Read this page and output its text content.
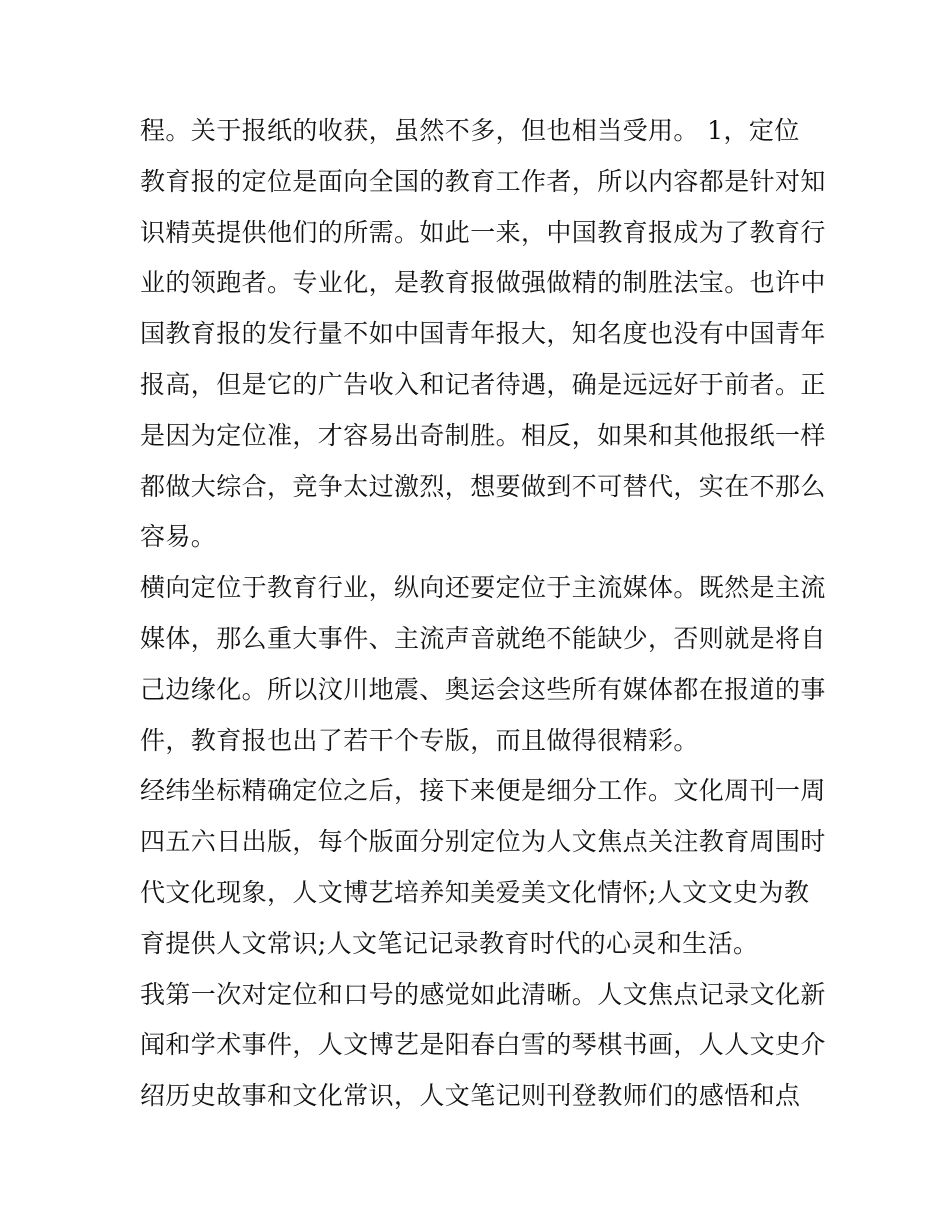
程。关于报纸的收获，虽然不多，但也相当受用。 1，定位
教育报的定位是面向全国的教育工作者，所以内容都是针对知
识精英提供他们的所需。如此一来，中国教育报成为了教育行
业的领跑者。专业化，是教育报做强做精的制胜法宝。也许中
国教育报的发行量不如中国青年报大，知名度也没有中国青年
报高，但是它的广告收入和记者待遇，确是远远好于前者。正
是因为定位准，才容易出奇制胜。相反，如果和其他报纸一样
都做大综合，竞争太过激烈，想要做到不可替代，实在不那么
容易。
横向定位于教育行业，纵向还要定位于主流媒体。既然是主流
媒体，那么重大事件、主流声音就绝不能缺少，否则就是将自
己边缘化。所以汶川地震、奥运会这些所有媒体都在报道的事
件，教育报也出了若干个专版，而且做得很精彩。
经纬坐标精确定位之后，接下来便是细分工作。文化周刊一周
四五六日出版，每个版面分别定位为人文焦点关注教育周围时
代文化现象，人文博艺培养知美爱美文化情怀;人文文史为教
育提供人文常识;人文笔记记录教育时代的心灵和生活。
我第一次对定位和口号的感觉如此清晰。人文焦点记录文化新
闻和学术事件，人文博艺是阳春白雪的琴棋书画，人人文史介
绍历史故事和文化常识，人文笔记则刊登教师们的感悟和点
